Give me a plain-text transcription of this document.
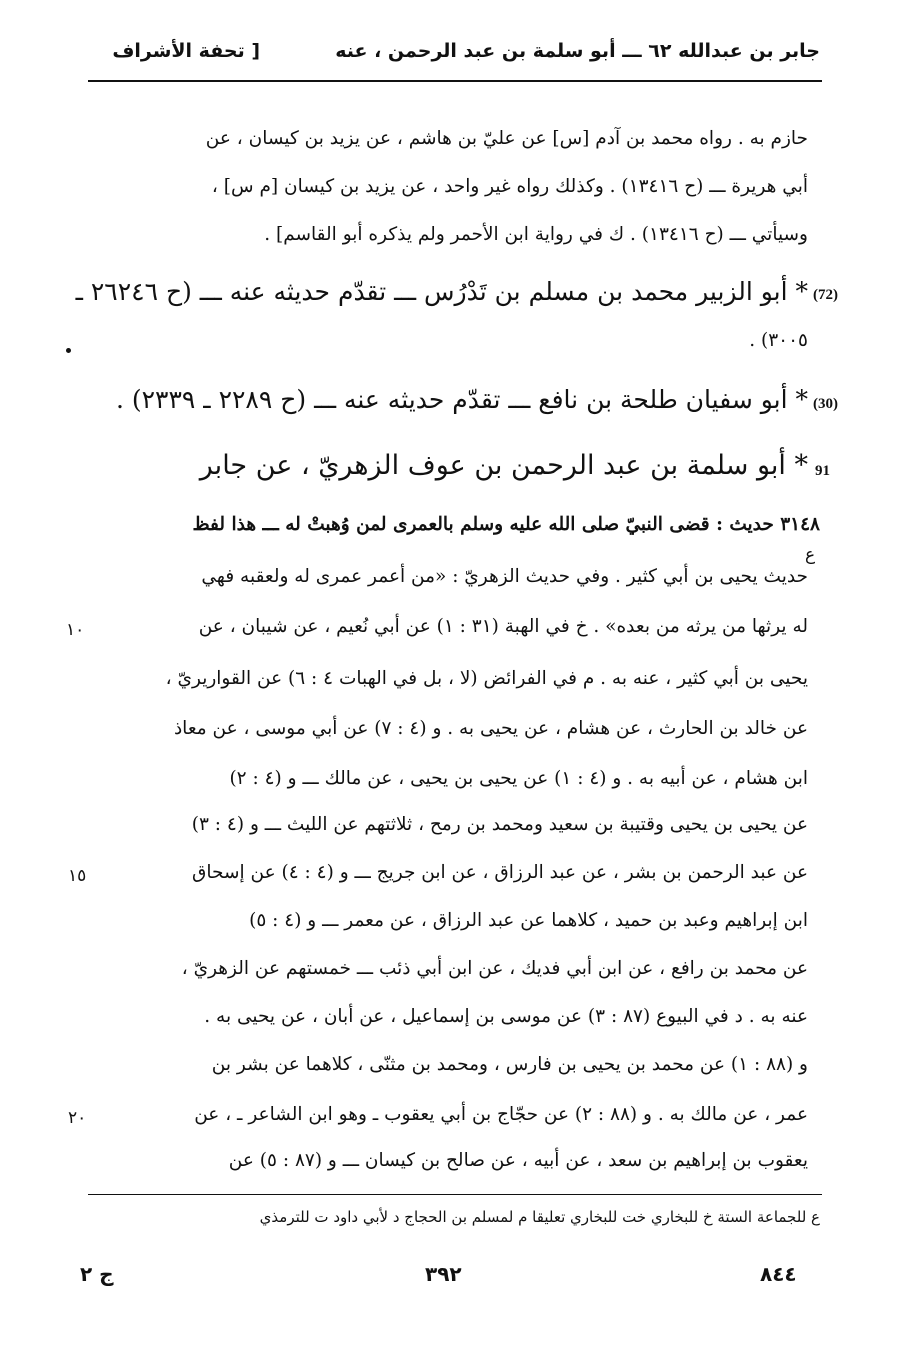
جابر بن عبدالله ٦٢ ـــ أبو سلمة بن عبد الرحمن ، عنه
[ تحفة الأشراف
حازم به . رواه محمد بن آدم [س] عن عليّ بن هاشم ، عن يزيد بن كيسان ، عن
أبي هريرة ـــ (ح ١٣٤١٦) . وكذلك رواه غير واحد ، عن يزيد بن كيسان [م س] ،
وسيأتي ـــ (ح ١٣٤١٦) . ك في رواية ابن الأحمر ولم يذكره أبو القاسم] .
(72)
* أبو الزبير محمد بن مسلم بن تَدْرُس ـــ تقدّم حديثه عنه ـــ (ح ٢٦٢٤٦ ـ
٣٠٠٥) .
(30)
* أبو سفيان طلحة بن نافع ـــ تقدّم حديثه عنه ـــ (ح ٢٢٨٩ ـ ٢٣٣٩) .
91
* أبو سلمة بن عبد الرحمن بن عوف الزهريّ ، عن جابر
٣١٤٨ حديث : قضى النبيّ صلى الله عليه وسلم بالعمرى لمن وُهبتْ له ـــ هذا لفظ
ع
حديث يحيى بن أبي كثير . وفي حديث الزهريّ : «من أعمر عمرى له ولعقبه فهي
له يرثها من يرثه من بعده» . خ في الهبة (٣١ : ١) عن أبي نُعيم ، عن شيبان ، عن
١٠
يحيى بن أبي كثير ، عنه به . م في الفرائض (لا ، بل في الهبات ٤ : ٦) عن القواريريّ ،
عن خالد بن الحارث ، عن هشام ، عن يحيى به . و (٤ : ٧) عن أبي موسى ، عن معاذ
ابن هشام ، عن أبيه به . و (٤ : ١) عن يحيى بن يحيى ، عن مالك ـــ و (٤ : ٢)
عن يحيى بن يحيى وقتيبة بن سعيد ومحمد بن رمح ، ثلاثتهم عن الليث ـــ و (٤ : ٣)
عن عبد الرحمن بن بشر ، عن عبد الرزاق ، عن ابن جريج ـــ و (٤ : ٤) عن إسحاق
١٥
ابن إبراهيم وعبد بن حميد ، كلاهما عن عبد الرزاق ، عن معمر ـــ و (٤ : ٥)
عن محمد بن رافع ، عن ابن أبي فديك ، عن ابن أبي ذئب ـــ خمستهم عن الزهريّ ،
عنه به . د في البيوع (٨٧ : ٣) عن موسى بن إسماعيل ، عن أبان ، عن يحيى به .
و (٨٨ : ١) عن محمد بن يحيى بن فارس ، ومحمد بن مثنّى ، كلاهما عن بشر بن
عمر ، عن مالك به . و (٨٨ : ٢) عن حجّاج بن أبي يعقوب ـ وهو ابن الشاعر ـ ، عن
٢٠
يعقوب بن إبراهيم بن سعد ، عن أبيه ، عن صالح بن كيسان ـــ و (٨٧ : ٥) عن
ع للجماعة الستة خ للبخاري خت للبخاري تعليقا م لمسلم بن الحجاج د لأبي داود ت للترمذي
٨٤٤
٣٩٢
ج ٢
